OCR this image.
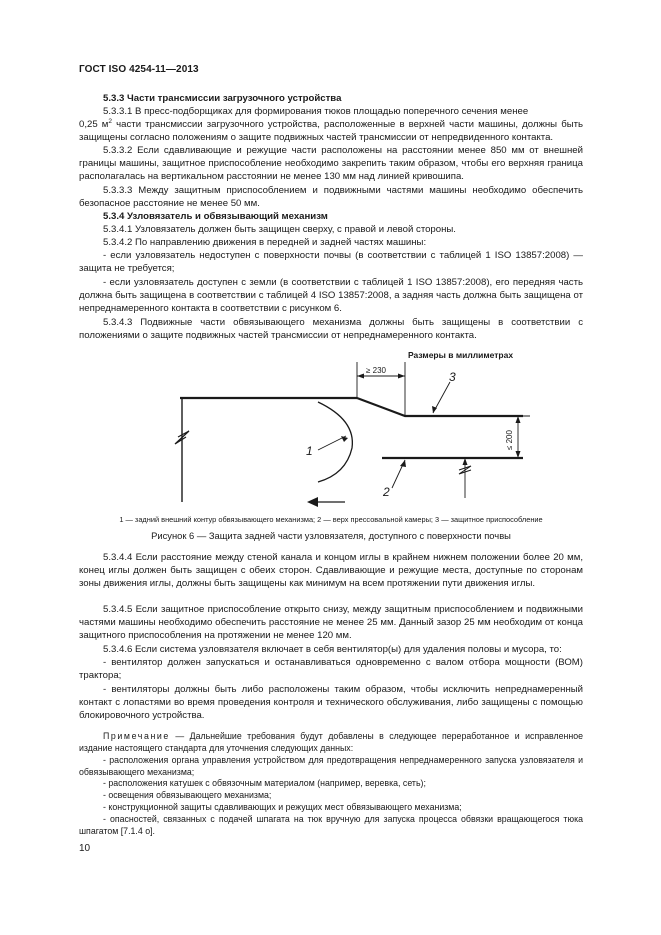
ГОСТ ISO 4254-11—2013

5.3.3 Части трансмиссии загрузочного устройства

5.3.3.1 В пресс-подборщиках для формирования тюков площадью поперечного сечения менее

0,25 $м^2$ части трансмиссии загрузочного устройства, расположенные в верхней части машины, должны быть защищены согласно положениям о защите подвижных частей трансмиссии от непредвиденного контакта.

5.3.3.2 Если сдавливающие и режущие части расположены на расстоянии менее 850 мм от внешней границы машины, защитное приспособление необходимо закрепить таким образом, чтобы его верхняя граница располагалась на вертикальном расстоянии не менее 130 мм над линией кривошипа.

5.3.3.3 Между защитным приспособлением и подвижными частями машины необходимо обеспечить безопасное расстояние не менее 50 мм.

5.3.4 Узловязатель и обвязывающий механизм

5.3.4.1 Узловязатель должен быть защищен сверху, с правой и левой стороны.

5.3.4.2 По направлению движения в передней и задней частях машины:

- если узловязатель недоступен с поверхности почвы (в соответствии с таблицей 1 ISO 13857:2008) — защита не требуется;

- если узловязатель доступен с земли (в соответствии с таблицей 1 ISO 13857:2008), его передняя часть должна быть защищена в соответствии с таблицей 4 ISO 13857:2008, а задняя часть должна быть защищена от непреднамеренного контакта в соответствии с рисунком 6.

5.3.4.3 Подвижные части обвязывающего механизма должны быть защищены в соответствии с положениями о защите подвижных частей трансмиссии от непреднамеренного контакта.

Размеры в миллиметрах
≥ 230
≤ 200
1
2
3
1 — задний внешний контур обвязывающего механизма; 2 — верх прессовальной камеры; 3 — защитное приспособление
Рисунок 6 — Защита задней части узловязателя, доступного с поверхности почвы

5.3.4.4 Если расстояние между стеной канала и концом иглы в крайнем нижнем положении более 20 мм, конец иглы должен быть защищен с обеих сторон. Сдавливающие и режущие места, доступные по сторонам зоны движения иглы, должны быть защищены как минимум на всем протяжении пути движения иглы.

5.3.4.5 Если защитное приспособление открыто снизу, между защитным приспособлением и подвижными частями машины необходимо обеспечить расстояние не менее 25 мм. Данный зазор 25 мм необходим от конца защитного приспособления на протяжении не менее 120 мм.

5.3.4.6 Если система узловязателя включает в себя вентилятор(ы) для удаления половы и мусора, то:

- вентилятор должен запускаться и останавливаться одновременно с валом отбора мощности (ВОМ) трактора;

- вентиляторы должны быть либо расположены таким образом, чтобы исключить непреднамеренный контакт с лопастями во время проведения контроля и технического обслуживания, либо защищены с помощью блокировочного устройства.

Примечание — Дальнейшие требования будут добавлены в следующее переработанное и исправленное издание настоящего стандарта для уточнения следующих данных:

- расположения органа управления устройством для предотвращения непреднамеренного запуска узловязателя и обвязывающего механизма;

- расположения катушек с обвязочным материалом (например, веревка, сеть);

- освещения обвязывающего механизма;

- конструкционной защиты сдавливающих и режущих мест обвязывающего механизма;

- опасностей, связанных с подачей шпагата на тюк вручную для запуска процесса обвязки вращающегося тюка шпагатом [7.1.4 о].

10
